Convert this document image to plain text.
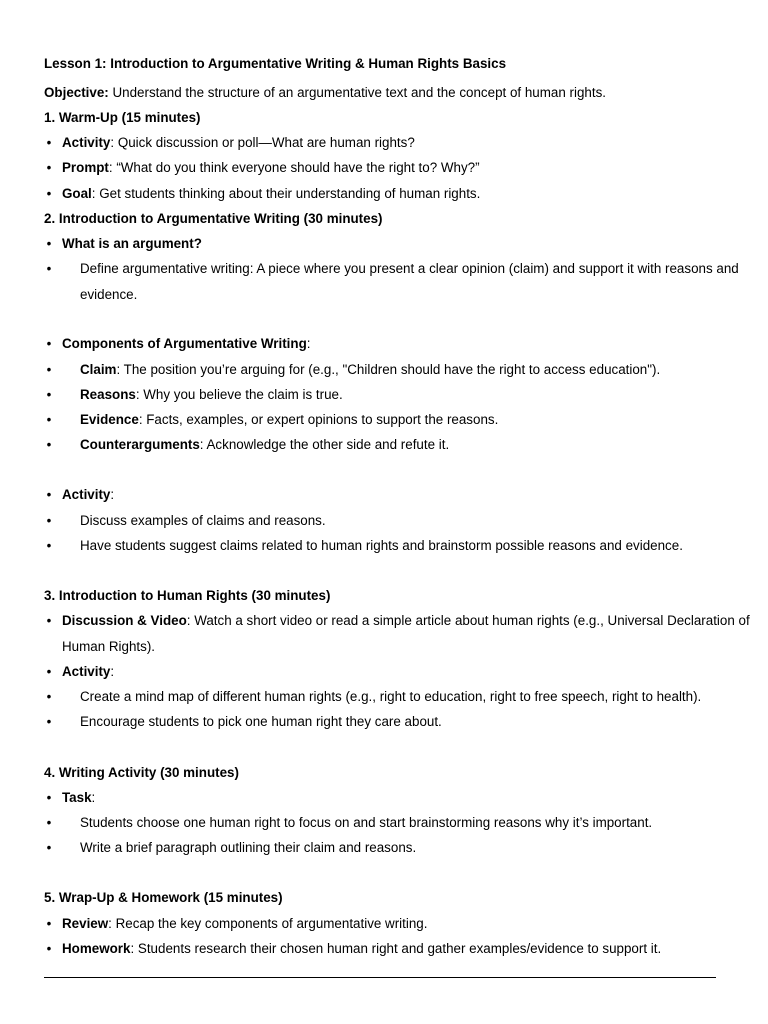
Lesson 1: Introduction to Argumentative Writing & Human Rights Basics
Objective: Understand the structure of an argumentative text and the concept of human rights.
1. Warm-Up (15 minutes)
• Activity: Quick discussion or poll—What are human rights?
• Prompt: “What do you think everyone should have the right to? Why?”
• Goal: Get students thinking about their understanding of human rights.
2. Introduction to Argumentative Writing (30 minutes)
• What is an argument?
• Define argumentative writing: A piece where you present a clear opinion (claim) and support it with reasons and
evidence.
• Components of Argumentative Writing:
• Claim: The position you’re arguing for (e.g., "Children should have the right to access education").
• Reasons: Why you believe the claim is true.
• Evidence: Facts, examples, or expert opinions to support the reasons.
• Counterarguments: Acknowledge the other side and refute it.
• Activity:
• Discuss examples of claims and reasons.
• Have students suggest claims related to human rights and brainstorm possible reasons and evidence.
3. Introduction to Human Rights (30 minutes)
• Discussion & Video: Watch a short video or read a simple article about human rights (e.g., Universal Declaration of
Human Rights).
• Activity:
• Create a mind map of different human rights (e.g., right to education, right to free speech, right to health).
• Encourage students to pick one human right they care about.
4. Writing Activity (30 minutes)
• Task:
• Students choose one human right to focus on and start brainstorming reasons why it’s important.
• Write a brief paragraph outlining their claim and reasons.
5. Wrap-Up & Homework (15 minutes)
• Review: Recap the key components of argumentative writing.
• Homework: Students research their chosen human right and gather examples/evidence to support it.
